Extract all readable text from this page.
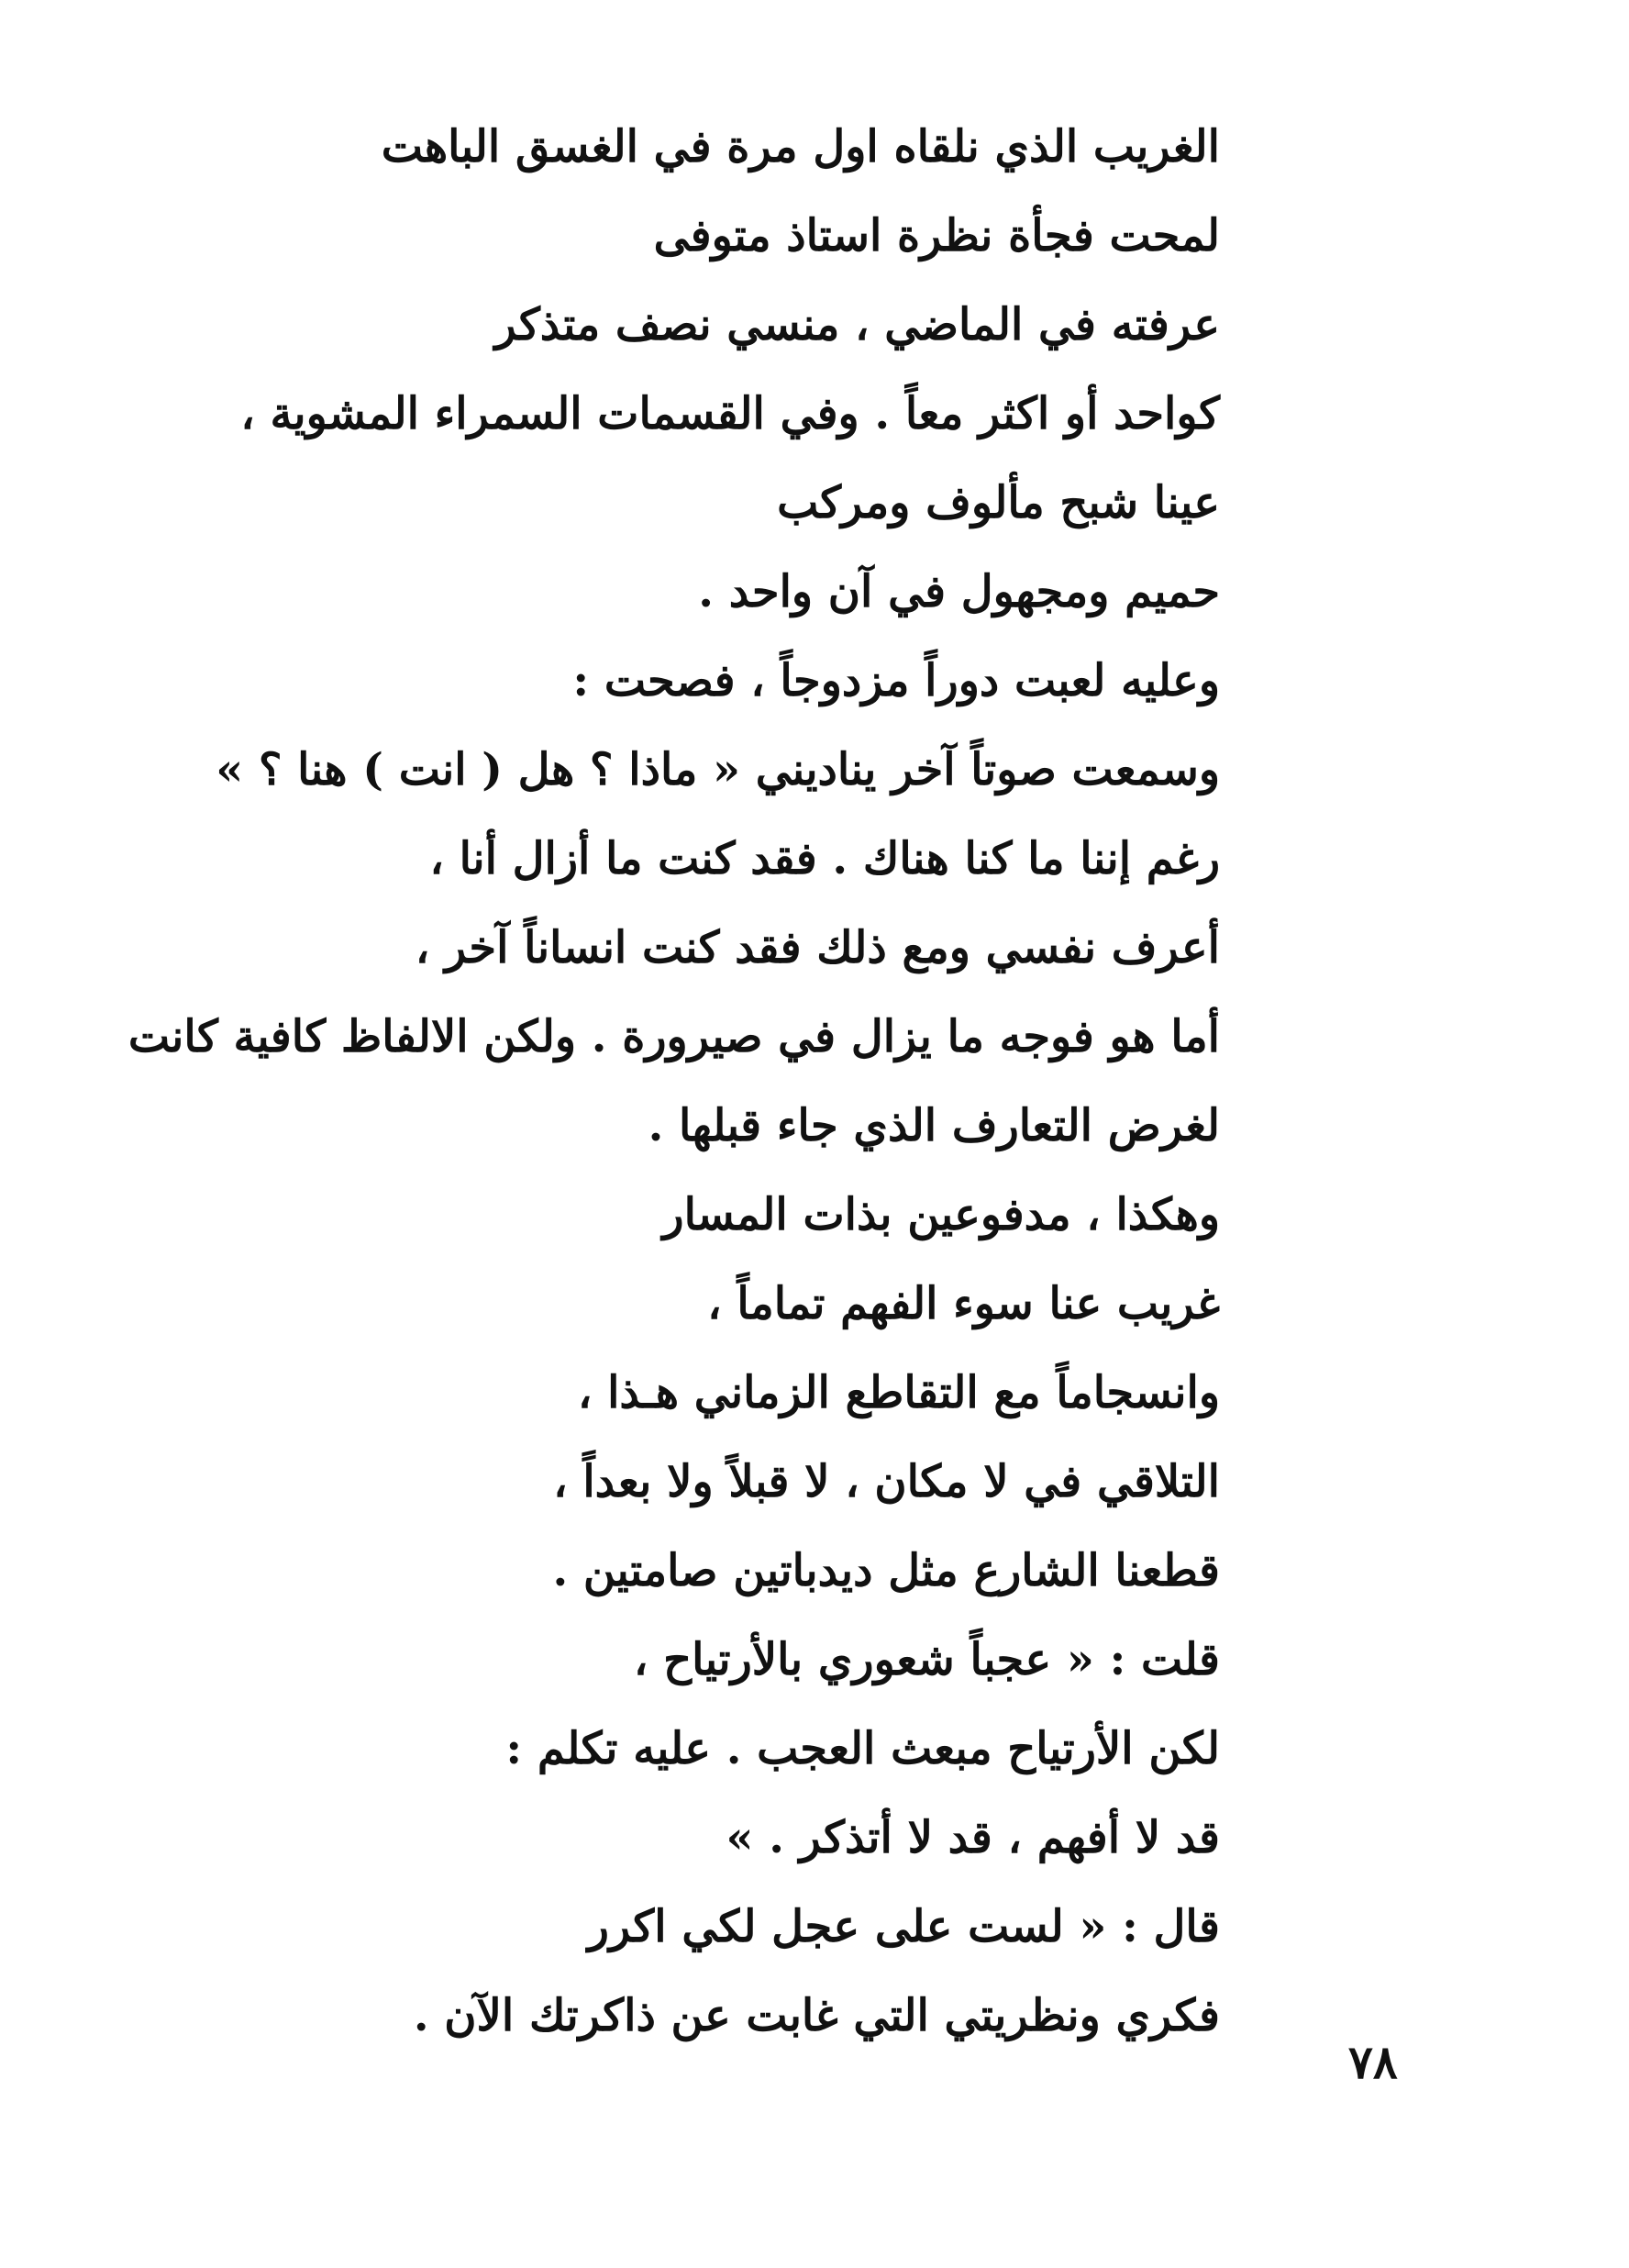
الغريب الذي نلقاه اول مرة في الغسق الباهت
لمحت فجأة نظرة استاذ متوفى
عرفته في الماضي ، منسي نصف متذكر
كواحد أو اكثر معاً . وفي القسمات السمراء المشوية ،
عينا شبح مألوف ومركب
حميم ومجهول في آن واحد .
وعليه لعبت دوراً مزدوجاً ، فصحت :
وسمعت صوتاً آخر يناديني « ماذا ؟ هل ( انت ) هنا ؟ »
رغم إننا ما كنا هناك . فقد كنت ما أزال أنا ،
أعرف نفسي ومع ذلك فقد كنت انساناً آخر ،
أما هو فوجه ما يزال في صيرورة . ولكن الالفاظ كافية كانت
لغرض التعارف الذي جاء قبلها .
وهكذا ، مدفوعين بذات المسار
غريب عنا سوء الفهم تماماً ،
وانسجاماً مع التقاطع الزماني هـذا ،
التلاقي في لا مكان ، لا قبلاً ولا بعداً ،
قطعنا الشارع مثل ديدباتين صامتين .
قلت : « عجباً شعوري بالأرتياح ،
لكن الأرتياح مبعث العجب . عليه تكلم :
قد لا أفهم ، قد لا أتذكر . »
قال : « لست على عجل لكي اكرر
فكري ونظريتي التي غابت عن ذاكرتك الآن .
٧٨
